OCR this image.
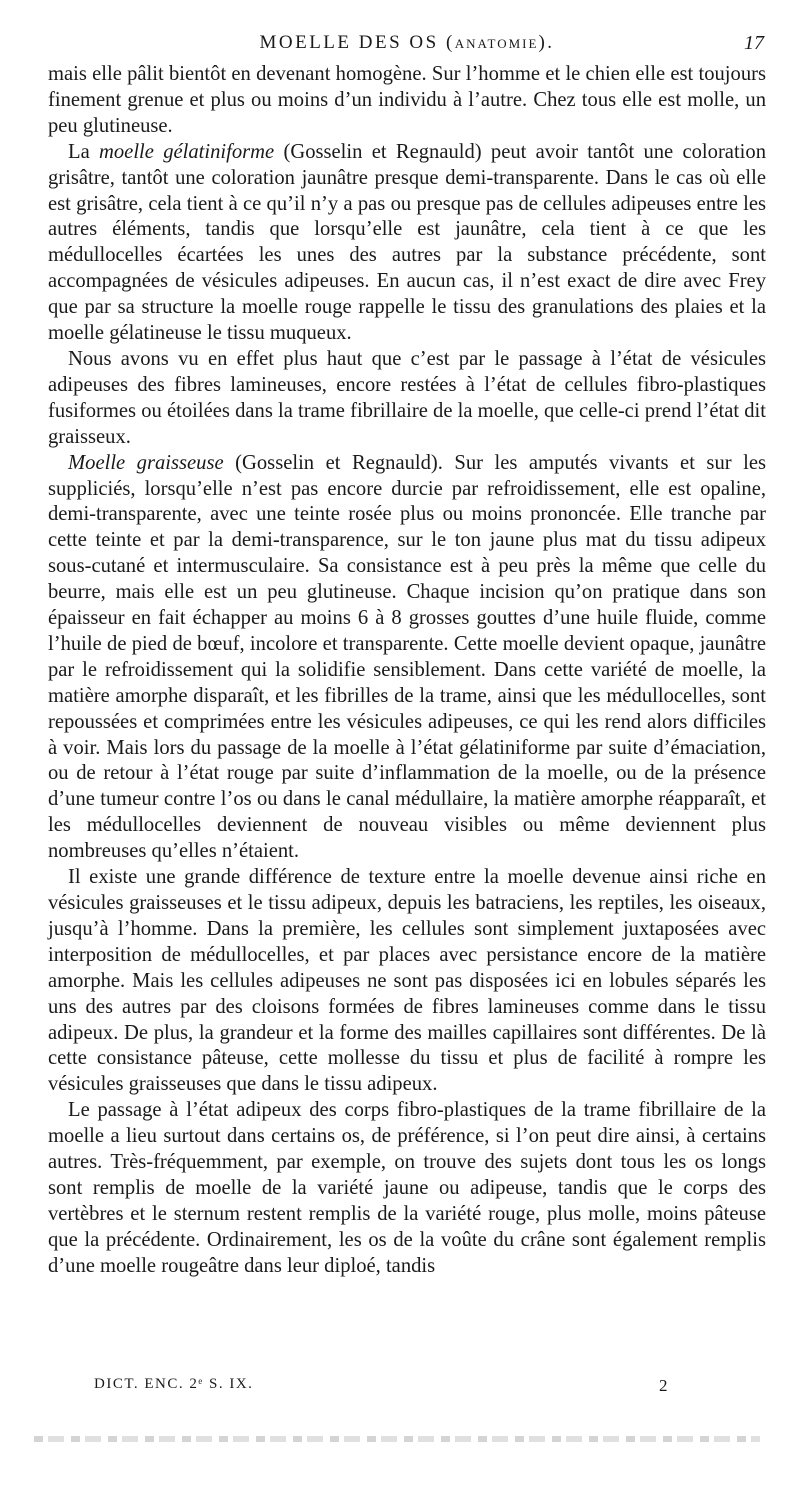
MOELLE DES OS (ANATOMIE).	17

mais elle pâlit bientôt en devenant homogène. Sur l’homme et le chien elle est toujours finement grenue et plus ou moins d’un individu à l’autre. Chez tous elle est molle, un peu glutineuse.

La moelle gélatiniforme (Gosselin et Regnauld) peut avoir tantôt une coloration grisâtre, tantôt une coloration jaunâtre presque demi-transparente. Dans le cas où elle est grisâtre, cela tient à ce qu’il n’y a pas ou presque pas de cellules adipeuses entre les autres éléments, tandis que lorsqu’elle est jaunâtre, cela tient à ce que les médullocelles écartées les unes des autres par la substance précédente, sont accompagnées de vésicules adipeuses. En aucun cas, il n’est exact de dire avec Frey que par sa structure la moelle rouge rappelle le tissu des granulations des plaies et la moelle gélatineuse le tissu muqueux.

Nous avons vu en effet plus haut que c’est par le passage à l’état de vésicules adipeuses des fibres lamineuses, encore restées à l’état de cellules fibro-plastiques fusiformes ou étoilées dans la trame fibrillaire de la moelle, que celle-ci prend l’état dit graisseux.

Moelle graisseuse (Gosselin et Regnauld). Sur les amputés vivants et sur les suppliciés, lorsqu’elle n’est pas encore durcie par refroidissement, elle est opaline, demi-transparente, avec une teinte rosée plus ou moins prononcée. Elle tranche par cette teinte et par la demi-transparence, sur le ton jaune plus mat du tissu adipeux sous-cutané et intermusculaire. Sa consistance est à peu près la même que celle du beurre, mais elle est un peu glutineuse. Chaque incision qu’on pratique dans son épaisseur en fait échapper au moins 6 à 8 grosses gouttes d’une huile fluide, comme l’huile de pied de bœuf, incolore et transparente. Cette moelle devient opaque, jaunâtre par le refroidissement qui la solidifie sensiblement. Dans cette variété de moelle, la matière amorphe disparaît, et les fibrilles de la trame, ainsi que les médullocelles, sont repoussées et comprimées entre les vésicules adipeuses, ce qui les rend alors difficiles à voir. Mais lors du passage de la moelle à l’état gélatiniforme par suite d’émaciation, ou de retour à l’état rouge par suite d’inflammation de la moelle, ou de la présence d’une tumeur contre l’os ou dans le canal médullaire, la matière amorphe réapparaît, et les médullocelles deviennent de nouveau visibles ou même deviennent plus nombreuses qu’elles n’étaient.

Il existe une grande différence de texture entre la moelle devenue ainsi riche en vésicules graisseuses et le tissu adipeux, depuis les batraciens, les reptiles, les oiseaux, jusqu’à l’homme. Dans la première, les cellules sont simplement juxtaposées avec interposition de médullocelles, et par places avec persistance encore de la matière amorphe. Mais les cellules adipeuses ne sont pas disposées ici en lobules séparés les uns des autres par des cloisons formées de fibres lamineuses comme dans le tissu adipeux. De plus, la grandeur et la forme des mailles capillaires sont différentes. De là cette consistance pâteuse, cette mollesse du tissu et plus de facilité à rompre les vésicules graisseuses que dans le tissu adipeux.

Le passage à l’état adipeux des corps fibro-plastiques de la trame fibrillaire de la moelle a lieu surtout dans certains os, de préférence, si l’on peut dire ainsi, à certains autres. Très-fréquemment, par exemple, on trouve des sujets dont tous les os longs sont remplis de moelle de la variété jaune ou adipeuse, tandis que le corps des vertèbres et le sternum restent remplis de la variété rouge, plus molle, moins pâteuse que la précédente. Ordinairement, les os de la voûte du crâne sont également remplis d’une moelle rougeâtre dans leur diploé, tandis

DICT. ENC. 2ᵉ S. IX.	2
